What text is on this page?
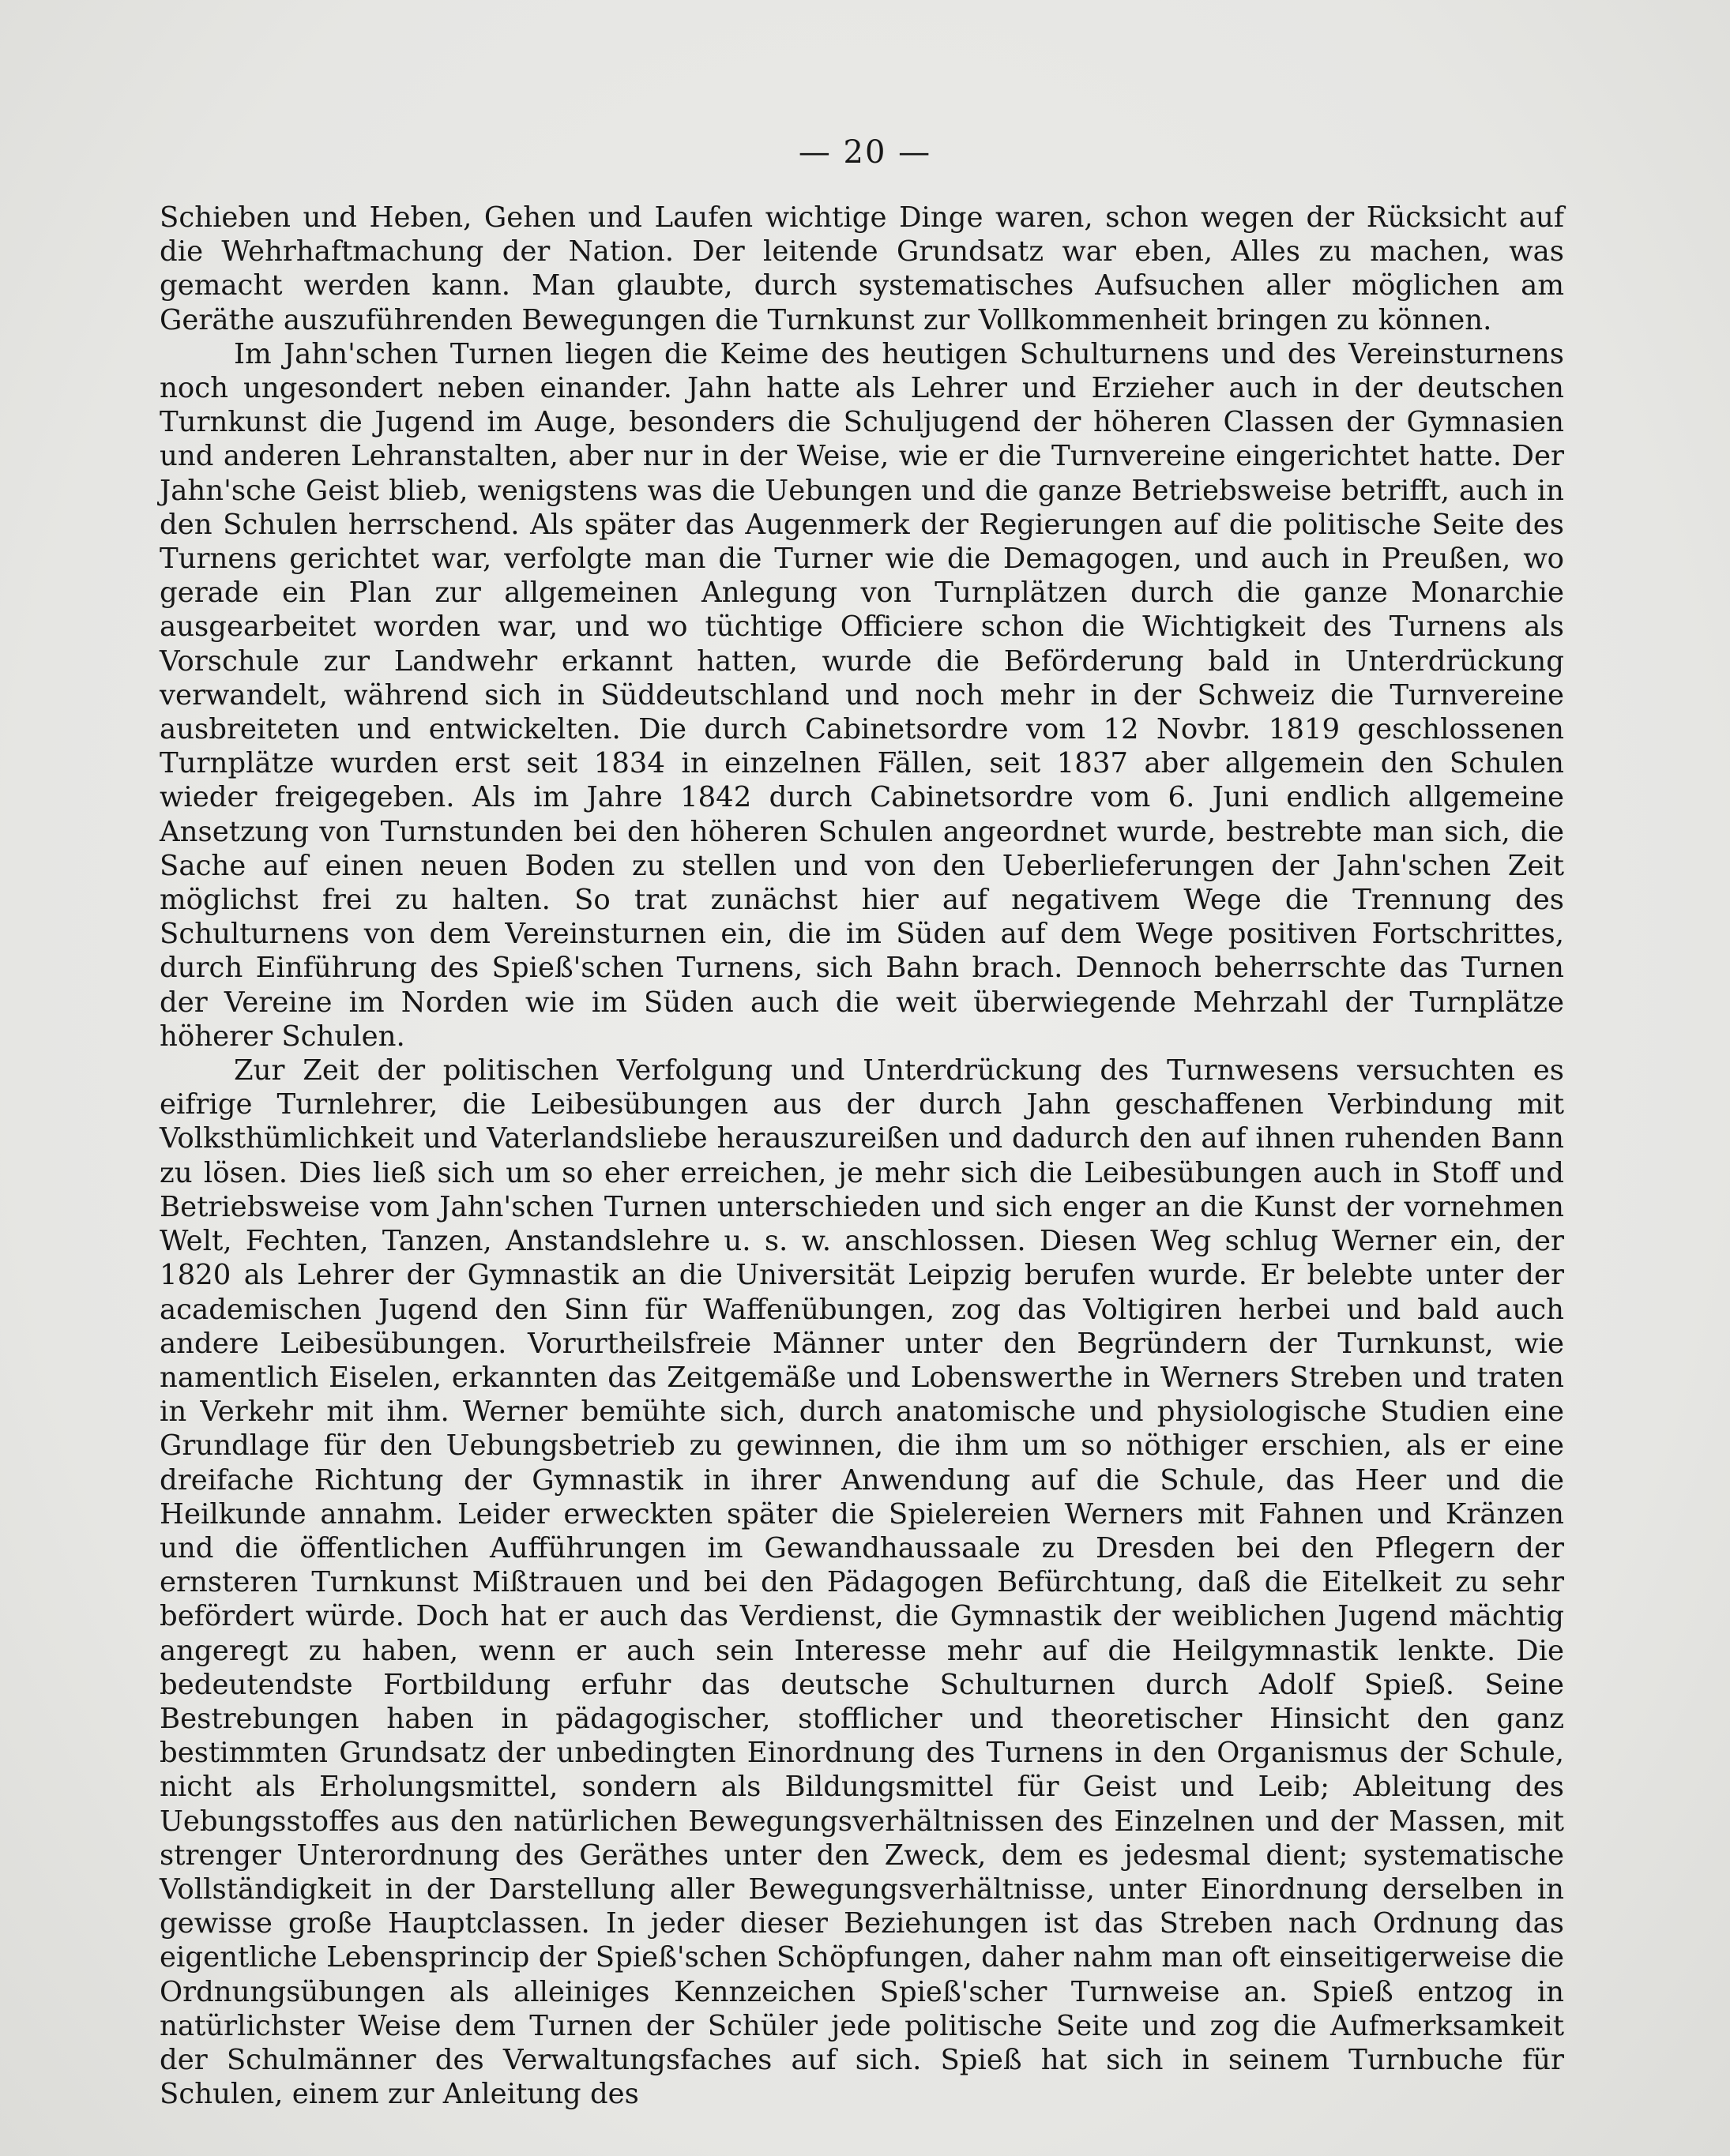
— 20 —

Schieben und Heben, Gehen und Laufen wichtige Dinge waren, schon wegen der Rücksicht auf die Wehrhaftmachung der Nation. Der leitende Grundsatz war eben, Alles zu machen, was gemacht werden kann. Man glaubte, durch systematisches Aufsuchen aller möglichen am Geräthe auszuführenden Bewegungen die Turnkunst zur Vollkommenheit bringen zu können.

Im Jahn'schen Turnen liegen die Keime des heutigen Schulturnens und des Vereinsturnens noch ungesondert neben einander. Jahn hatte als Lehrer und Erzieher auch in der deutschen Turnkunst die Jugend im Auge, besonders die Schuljugend der höheren Classen der Gymnasien und anderen Lehranstalten, aber nur in der Weise, wie er die Turnvereine eingerichtet hatte. Der Jahn'sche Geist blieb, wenigstens was die Uebungen und die ganze Betriebsweise betrifft, auch in den Schulen herrschend. Als später das Augenmerk der Regierungen auf die politische Seite des Turnens gerichtet war, verfolgte man die Turner wie die Demagogen, und auch in Preußen, wo gerade ein Plan zur allgemeinen Anlegung von Turnplätzen durch die ganze Monarchie ausgearbeitet worden war, und wo tüchtige Officiere schon die Wichtigkeit des Turnens als Vorschule zur Landwehr erkannt hatten, wurde die Beförderung bald in Unterdrückung verwandelt, während sich in Süddeutschland und noch mehr in der Schweiz die Turnvereine ausbreiteten und entwickelten. Die durch Cabinetsordre vom 12 Novbr. 1819 geschlossenen Turnplätze wurden erst seit 1834 in einzelnen Fällen, seit 1837 aber allgemein den Schulen wieder freigegeben. Als im Jahre 1842 durch Cabinetsordre vom 6. Juni endlich allgemeine Ansetzung von Turnstunden bei den höheren Schulen angeordnet wurde, bestrebte man sich, die Sache auf einen neuen Boden zu stellen und von den Ueberlieferungen der Jahn'schen Zeit möglichst frei zu halten. So trat zunächst hier auf negativem Wege die Trennung des Schulturnens von dem Vereinsturnen ein, die im Süden auf dem Wege positiven Fortschrittes, durch Einführung des Spieß'schen Turnens, sich Bahn brach. Dennoch beherrschte das Turnen der Vereine im Norden wie im Süden auch die weit überwiegende Mehrzahl der Turnplätze höherer Schulen.

Zur Zeit der politischen Verfolgung und Unterdrückung des Turnwesens versuchten es eifrige Turnlehrer, die Leibesübungen aus der durch Jahn geschaffenen Verbindung mit Volksthümlichkeit und Vaterlandsliebe herauszureißen und dadurch den auf ihnen ruhenden Bann zu lösen. Dies ließ sich um so eher erreichen, je mehr sich die Leibesübungen auch in Stoff und Betriebsweise vom Jahn'schen Turnen unterschieden und sich enger an die Kunst der vornehmen Welt, Fechten, Tanzen, Anstandslehre u. s. w. anschlossen. Diesen Weg schlug Werner ein, der 1820 als Lehrer der Gymnastik an die Universität Leipzig berufen wurde. Er belebte unter der academischen Jugend den Sinn für Waffenübungen, zog das Voltigiren herbei und bald auch andere Leibesübungen. Vorurtheilsfreie Männer unter den Begründern der Turnkunst, wie namentlich Eiselen, erkannten das Zeitgemäße und Lobenswerthe in Werners Streben und traten in Verkehr mit ihm. Werner bemühte sich, durch anatomische und physiologische Studien eine Grundlage für den Uebungsbetrieb zu gewinnen, die ihm um so nöthiger erschien, als er eine dreifache Richtung der Gymnastik in ihrer Anwendung auf die Schule, das Heer und die Heilkunde annahm. Leider erweckten später die Spielereien Werners mit Fahnen und Kränzen und die öffentlichen Aufführungen im Gewandhaussaale zu Dresden bei den Pflegern der ernsteren Turnkunst Mißtrauen und bei den Pädagogen Befürchtung, daß die Eitelkeit zu sehr befördert würde. Doch hat er auch das Verdienst, die Gymnastik der weiblichen Jugend mächtig angeregt zu haben, wenn er auch sein Interesse mehr auf die Heilgymnastik lenkte. Die bedeutendste Fortbildung erfuhr das deutsche Schulturnen durch Adolf Spieß. Seine Bestrebungen haben in pädagogischer, stofflicher und theoretischer Hinsicht den ganz bestimmten Grundsatz der unbedingten Einordnung des Turnens in den Organismus der Schule, nicht als Erholungsmittel, sondern als Bildungsmittel für Geist und Leib; Ableitung des Uebungsstoffes aus den natürlichen Bewegungsverhältnissen des Einzelnen und der Massen, mit strenger Unterordnung des Geräthes unter den Zweck, dem es jedesmal dient; systematische Vollständigkeit in der Darstellung aller Bewegungsverhältnisse, unter Einordnung derselben in gewisse große Hauptclassen. In jeder dieser Beziehungen ist das Streben nach Ordnung das eigentliche Lebensprincip der Spieß'schen Schöpfungen, daher nahm man oft einseitigerweise die Ordnungsübungen als alleiniges Kennzeichen Spieß'scher Turnweise an. Spieß entzog in natürlichster Weise dem Turnen der Schüler jede politische Seite und zog die Aufmerksamkeit der Schulmänner des Verwaltungsfaches auf sich. Spieß hat sich in seinem Turnbuche für Schulen, einem zur Anleitung des
